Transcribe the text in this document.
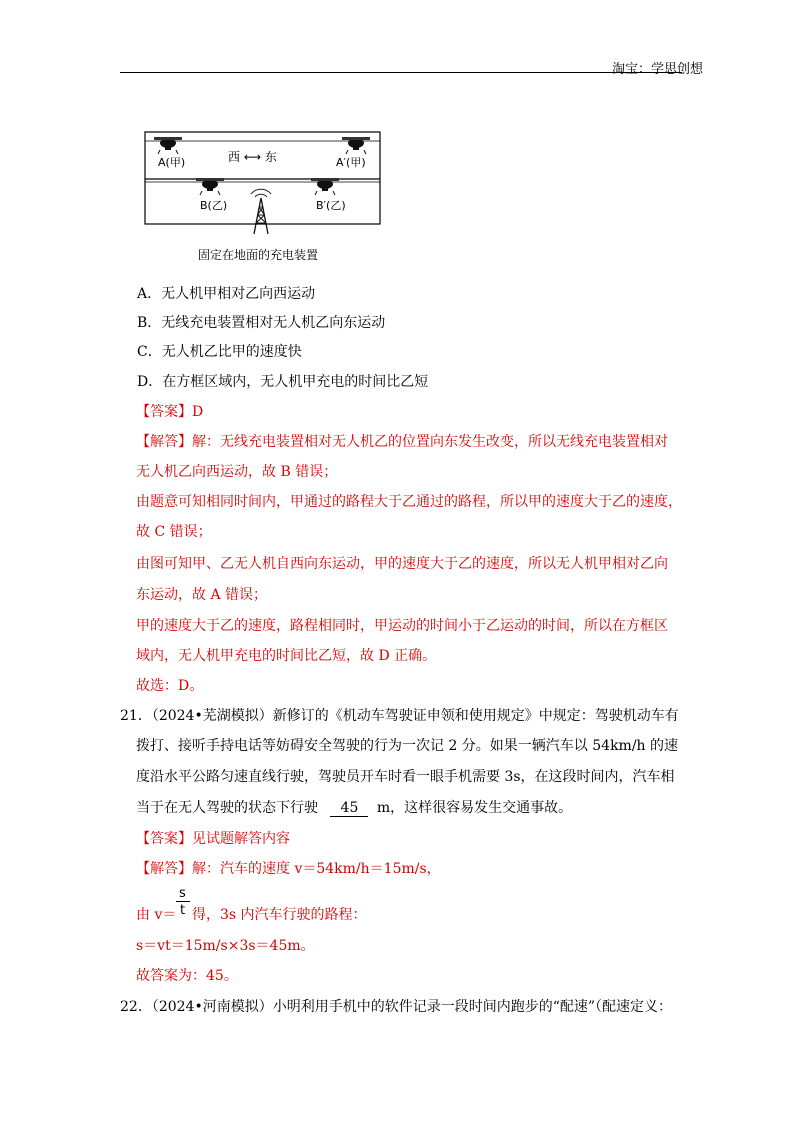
淘宝：学思创想
A(甲)	A′(甲)
西 ⟷ 东
B(乙)	B′(乙)
固定在地面的充电装置
A．无人机甲相对乙向西运动
B．无线充电装置相对无人机乙向东运动
C．无人机乙比甲的速度快
D．在方框区域内，无人机甲充电的时间比乙短
【答案】D
【解答】解：无线充电装置相对无人机乙的位置向东发生改变，所以无线充电装置相对
无人机乙向西运动，故 B 错误；
由题意可知相同时间内，甲通过的路程大于乙通过的路程，所以甲的速度大于乙的速度，
故 C 错误；
由图可知甲、乙无人机自西向东运动，甲的速度大于乙的速度，所以无人机甲相对乙向
东运动，故 A 错误；
甲的速度大于乙的速度，路程相同时，甲运动的时间小于乙运动的时间，所以在方框区
域内，无人机甲充电的时间比乙短，故 D 正确。
故选：D。
21．（2024•芜湖模拟）新修订的《机动车驾驶证申领和使用规定》中规定：驾驶机动车有
拨打、接听手持电话等妨碍安全驾驶的行为一次记 2 分。如果一辆汽车以 54km/h 的速
度沿水平公路匀速直线行驶，驾驶员开车时看一眼手机需要 3s，在这段时间内，汽车相
当于在无人驾驶的状态下行驶 45 m，这样很容易发生交通事故。
【答案】见试题解答内容
【解答】解：汽车的速度 v＝54km/h＝15m/s，
s
t
由 v＝ 得，3s 内汽车行驶的路程：
s＝vt＝15m/s×3s＝45m。
故答案为：45。
22．（2024•河南模拟）小明利用手机中的软件记录一段时间内跑步的“配速”（配速定义：
